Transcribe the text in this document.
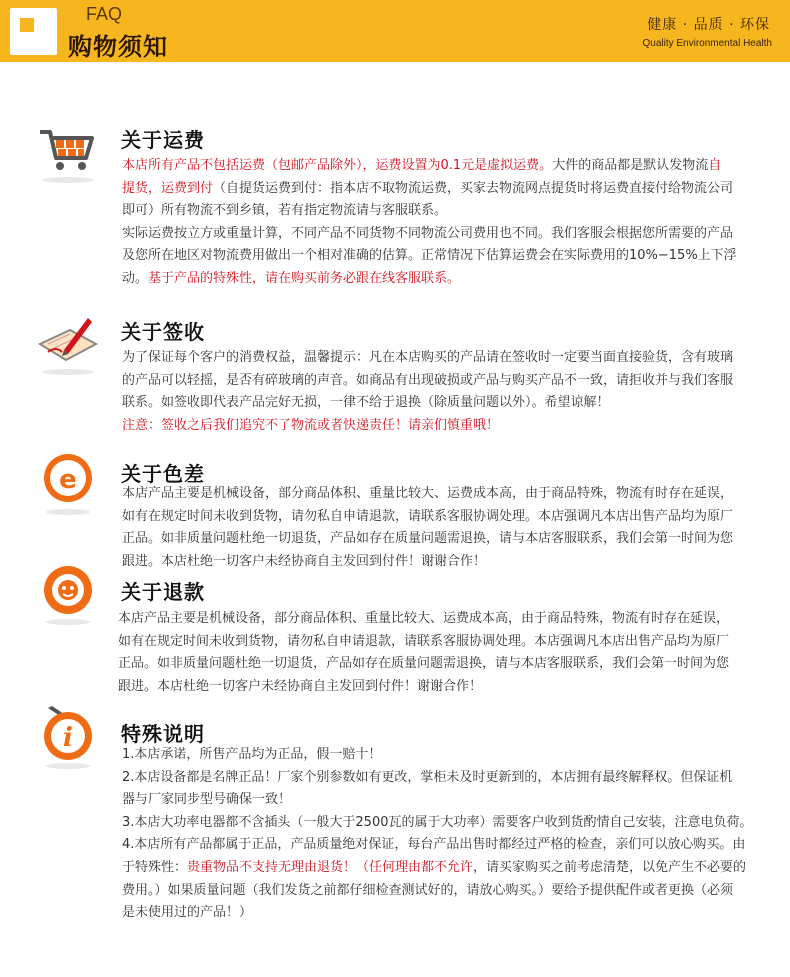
FAQ
购物须知
健康 · 品质 · 环保
Quality Environmental Health
关于运费
本店所有产品不包括运费（包邮产品除外），运费设置为0.1元是虚拟运费。大件的商品都是默认发物流自
提货，运费到付（自提货运费到付：指本店不取物流运费，买家去物流网点提货时将运费直接付给物流公司
即可）所有物流不到乡镇，若有指定物流请与客服联系。
实际运费按立方或重量计算，不同产品不同货物不同物流公司费用也不同。我们客服会根据您所需要的产品
及您所在地区对物流费用做出一个相对准确的估算。正常情况下估算运费会在实际费用的10%−15%上下浮
动。基于产品的特殊性，请在购买前务必跟在线客服联系。
关于签收
为了保证每个客户的消费权益，温馨提示：凡在本店购买的产品请在签收时一定要当面直接验货，含有玻璃
的产品可以轻摇，是否有碎玻璃的声音。如商品有出现破损或产品与购买产品不一致，请拒收并与我们客服
联系。如签收即代表产品完好无损，一律不给于退换（除质量问题以外）。希望谅解！
注意：签收之后我们追究不了物流或者快递责任！请亲们慎重哦！
e 关于色差
本店产品主要是机械设备，部分商品体积、重量比较大、运费成本高，由于商品特殊，物流有时存在延误，
如有在规定时间未收到货物，请勿私自申请退款，请联系客服协调处理。本店强调凡本店出售产品均为原厂
正品。如非质量问题杜绝一切退货，产品如存在质量问题需退换，请与本店客服联系，我们会第一时间为您
跟进。本店杜绝一切客户未经协商自主发回到付件！谢谢合作！
关于退款
本店产品主要是机械设备，部分商品体积、重量比较大、运费成本高，由于商品特殊，物流有时存在延误，
如有在规定时间未收到货物，请勿私自申请退款，请联系客服协调处理。本店强调凡本店出售产品均为原厂
正品。如非质量问题杜绝一切退货，产品如存在质量问题需退换，请与本店客服联系，我们会第一时间为您
跟进。本店杜绝一切客户未经协商自主发回到付件！谢谢合作！
i 特殊说明
1.本店承诺，所售产品均为正品，假一赔十！
2.本店设备都是名牌正品！厂家个别参数如有更改，掌柜未及时更新到的，本店拥有最终解释权。但保证机
器与厂家同步型号确保一致！
3.本店大功率电器都不含插头（一般大于2500瓦的属于大功率）需要客户收到货酌情自己安装，注意电负荷。
4.本店所有产品都属于正品，产品质量绝对保证，每台产品出售时都经过严格的检查，亲们可以放心购买。由
于特殊性：贵重物品不支持无理由退货！（任何理由都不允许，请买家购买之前考虑清楚，以免产生不必要的
费用。）如果质量问题（我们发货之前都仔细检查测试好的，请放心购买。）要给予提供配件或者更换（必须
是未使用过的产品！）
